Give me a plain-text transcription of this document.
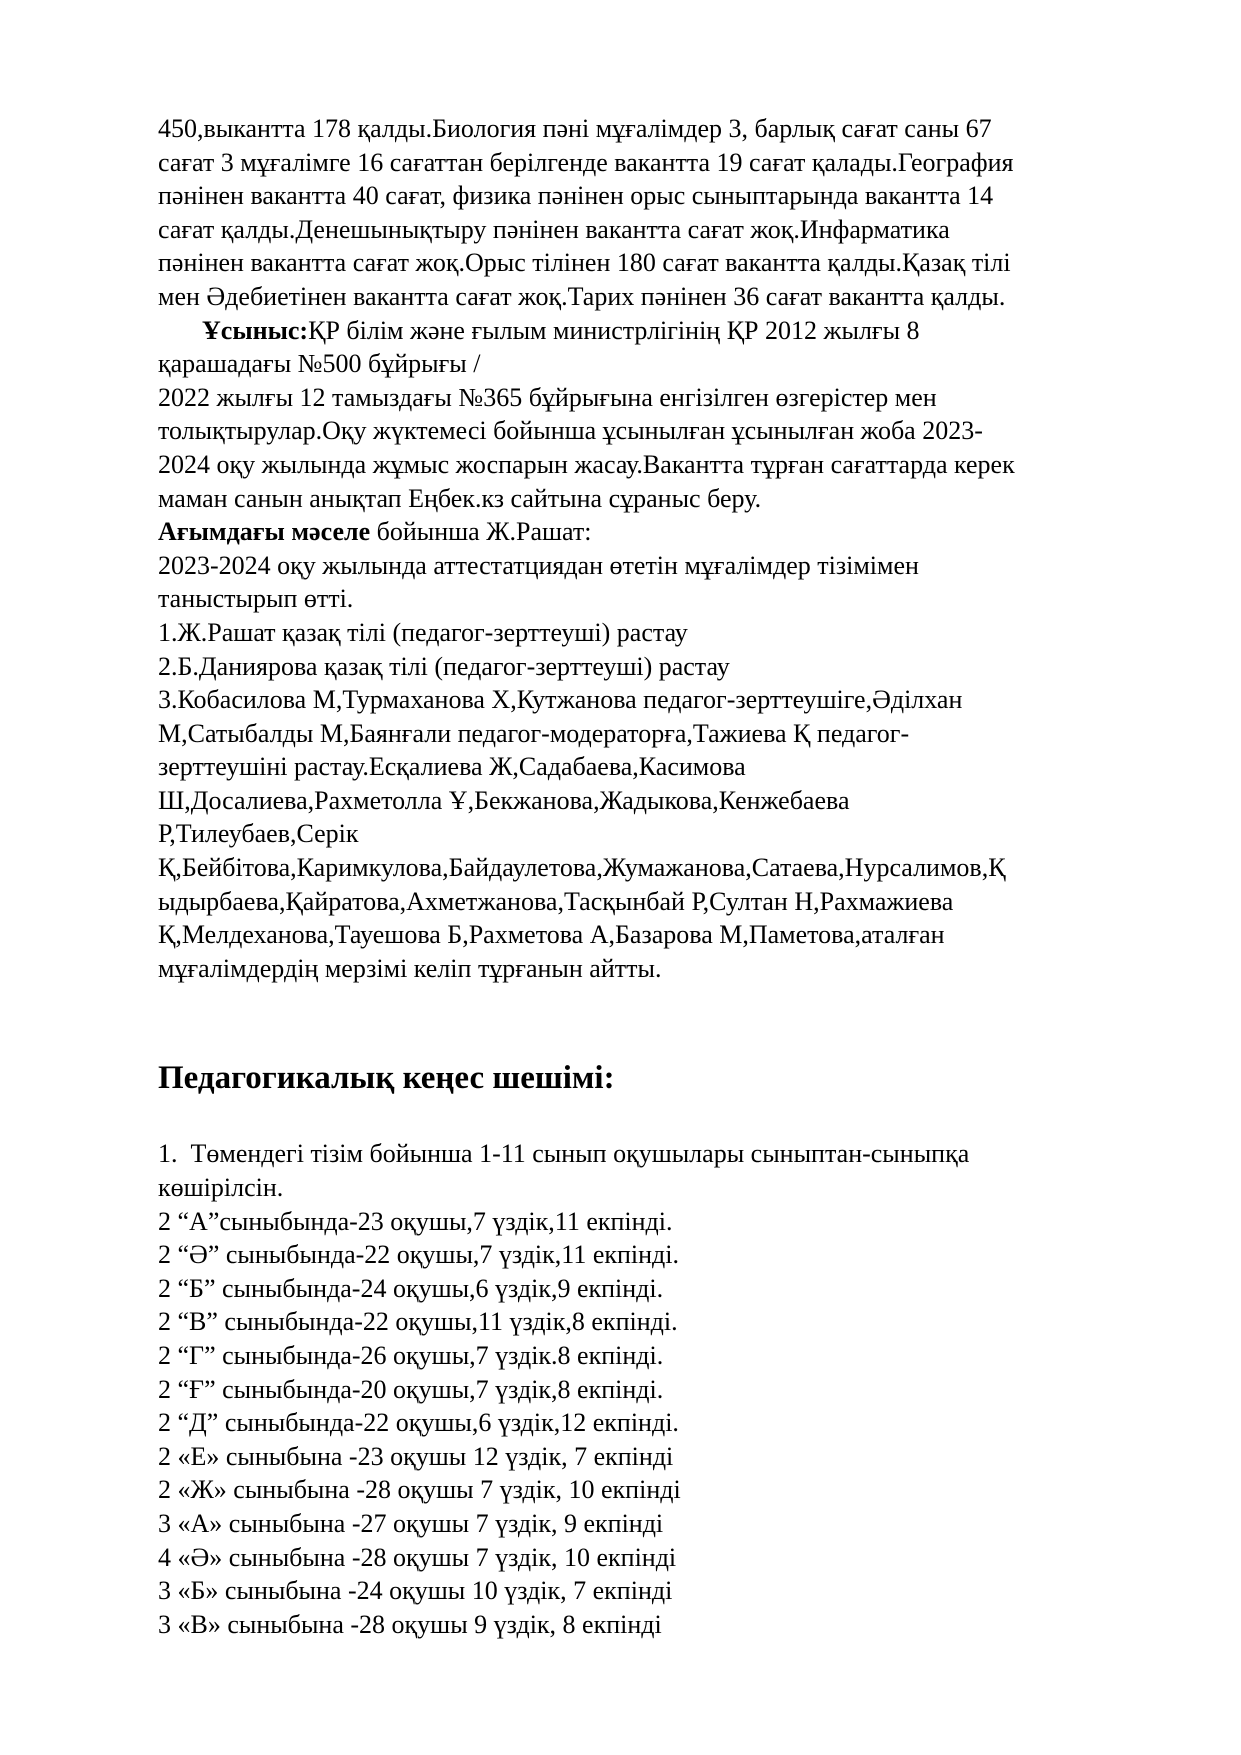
450,выкантта 178 қалды.Биология пәні мұғалімдер 3, барлық сағат саны 67
сағат 3 мұғалімге 16 сағаттан берілгенде вакантта 19 сағат қалады.География
пәнінен вакантта 40 сағат, физика пәнінен орыс сыныптарында вакантта 14
сағат қалды.Денешынықтыру пәнінен вакантта сағат жоқ.Инфарматика
пәнінен вакантта сағат жоқ.Орыс тілінен 180 сағат вакантта қалды.Қазақ тілі
мен Әдебиетінен вакантта сағат жоқ.Тарих пәнінен 36 сағат вакантта қалды.
Ұсыныс:ҚР білім және ғылым министрлігінің ҚР 2012 жылғы 8
қарашадағы №500 бұйрығы /
2022 жылғы 12 тамыздағы №365 бұйрығына енгізілген өзгерістер мен
толықтырулар.Оқу жүктемесі бойынша ұсынылған ұсынылған жоба 2023-
2024 оқу жылында жұмыс жоспарын жасау.Вакантта тұрған сағаттарда керек
маман санын анықтап Еңбек.кз сайтына сұраныс беру.
Ағымдағы мәселе бойынша Ж.Рашат:
2023-2024 оқу жылында аттестатциядан өтетін мұғалімдер тізімімен
таныстырып өтті.
1.Ж.Рашат қазақ тілі (педагог-зерттеуші) растау
2.Б.Даниярова қазақ тілі (педагог-зерттеуші) растау
3.Кобасилова М,Турмаханова Х,Кутжанова педагог-зерттеушіге,Әділхан
М,Сатыбалды М,Баянғали педагог-модераторға,Тажиева Қ педагог-
зерттеушіні растау.Есқалиева Ж,Садабаева,Касимова
Ш,Досалиева,Рахметолла Ұ,Бекжанова,Жадыкова,Кенжебаева
Р,Тилеубаев,Серік
Қ,Бейбітова,Каримкулова,Байдаулетова,Жумажанова,Сатаева,Нурсалимов,Қ
ыдырбаева,Қайратова,Ахметжанова,Тасқынбай Р,Султан Н,Рахмажиева
Қ,Мелдеханова,Тауешова Б,Рахметова А,Базарова М,Паметова,аталған
мұғалімдердің мерзімі келіп тұрғанын айтты.
Педагогикалық кеңес шешімі:
1.  Төмендегі тізім бойынша 1-11 сынып оқушылары сыныптан-сыныпқа
көшірілсін.
2 “А”сыныбында-23 оқушы,7 үздік,11 екпінді.
2 “Ә” сыныбында-22 оқушы,7 үздік,11 екпінді.
2 “Б” сыныбында-24 оқушы,6 үздік,9 екпінді.
2 “В” сыныбында-22 оқушы,11 үздік,8 екпінді.
2 “Г” сыныбында-26 оқушы,7 үздік.8 екпінді.
2 “Ғ” сыныбында-20 оқушы,7 үздік,8 екпінді.
2 “Д” сыныбында-22 оқушы,6 үздік,12 екпінді.
2 «Е» сыныбына -23 оқушы 12 үздік, 7 екпінді
2 «Ж» сыныбына -28 оқушы 7 үздік, 10 екпінді
3 «А» сыныбына -27 оқушы 7 үздік, 9 екпінді
4 «Ә» сыныбына -28 оқушы 7 үздік, 10 екпінді
3 «Б» сыныбына -24 оқушы 10 үздік, 7 екпінді
3 «В» сыныбына -28 оқушы 9 үздік, 8 екпінді
